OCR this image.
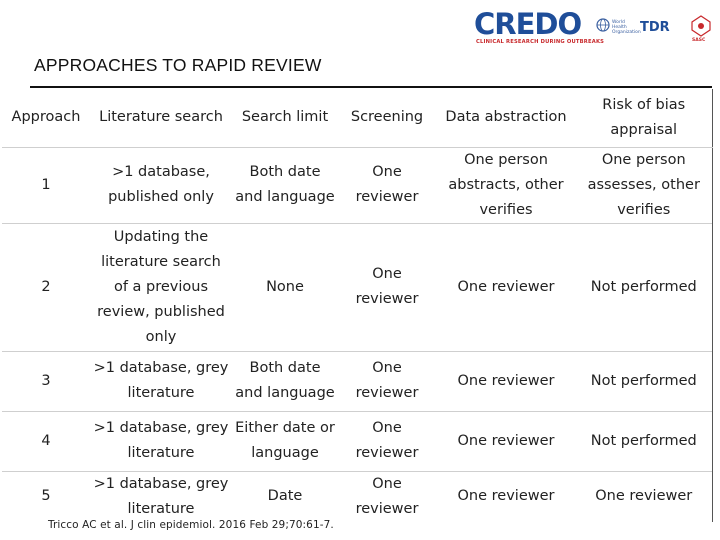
CREDO
CLINICAL RESEARCH DURING OUTBREAKS
World Health Organization TDR
SASC
APPROACHES TO RAPID REVIEW
Approach	Literature search	Search limit	Screening	Data abstraction	Risk of bias appraisal
1	>1 database, published only	Both date and language	One reviewer	One person abstracts, other verifies	One person assesses, other verifies
2	Updating the literature search of a previous review, published only	None	One reviewer	One reviewer	Not performed
3	>1 database, grey literature	Both date and language	One reviewer	One reviewer	Not performed
4	>1 database, grey literature	Either date or language	One reviewer	One reviewer	Not performed
5	>1 database, grey literature	Date	One reviewer	One reviewer	One reviewer
Tricco AC et al. J clin epidemiol. 2016 Feb 29;70:61-7.
